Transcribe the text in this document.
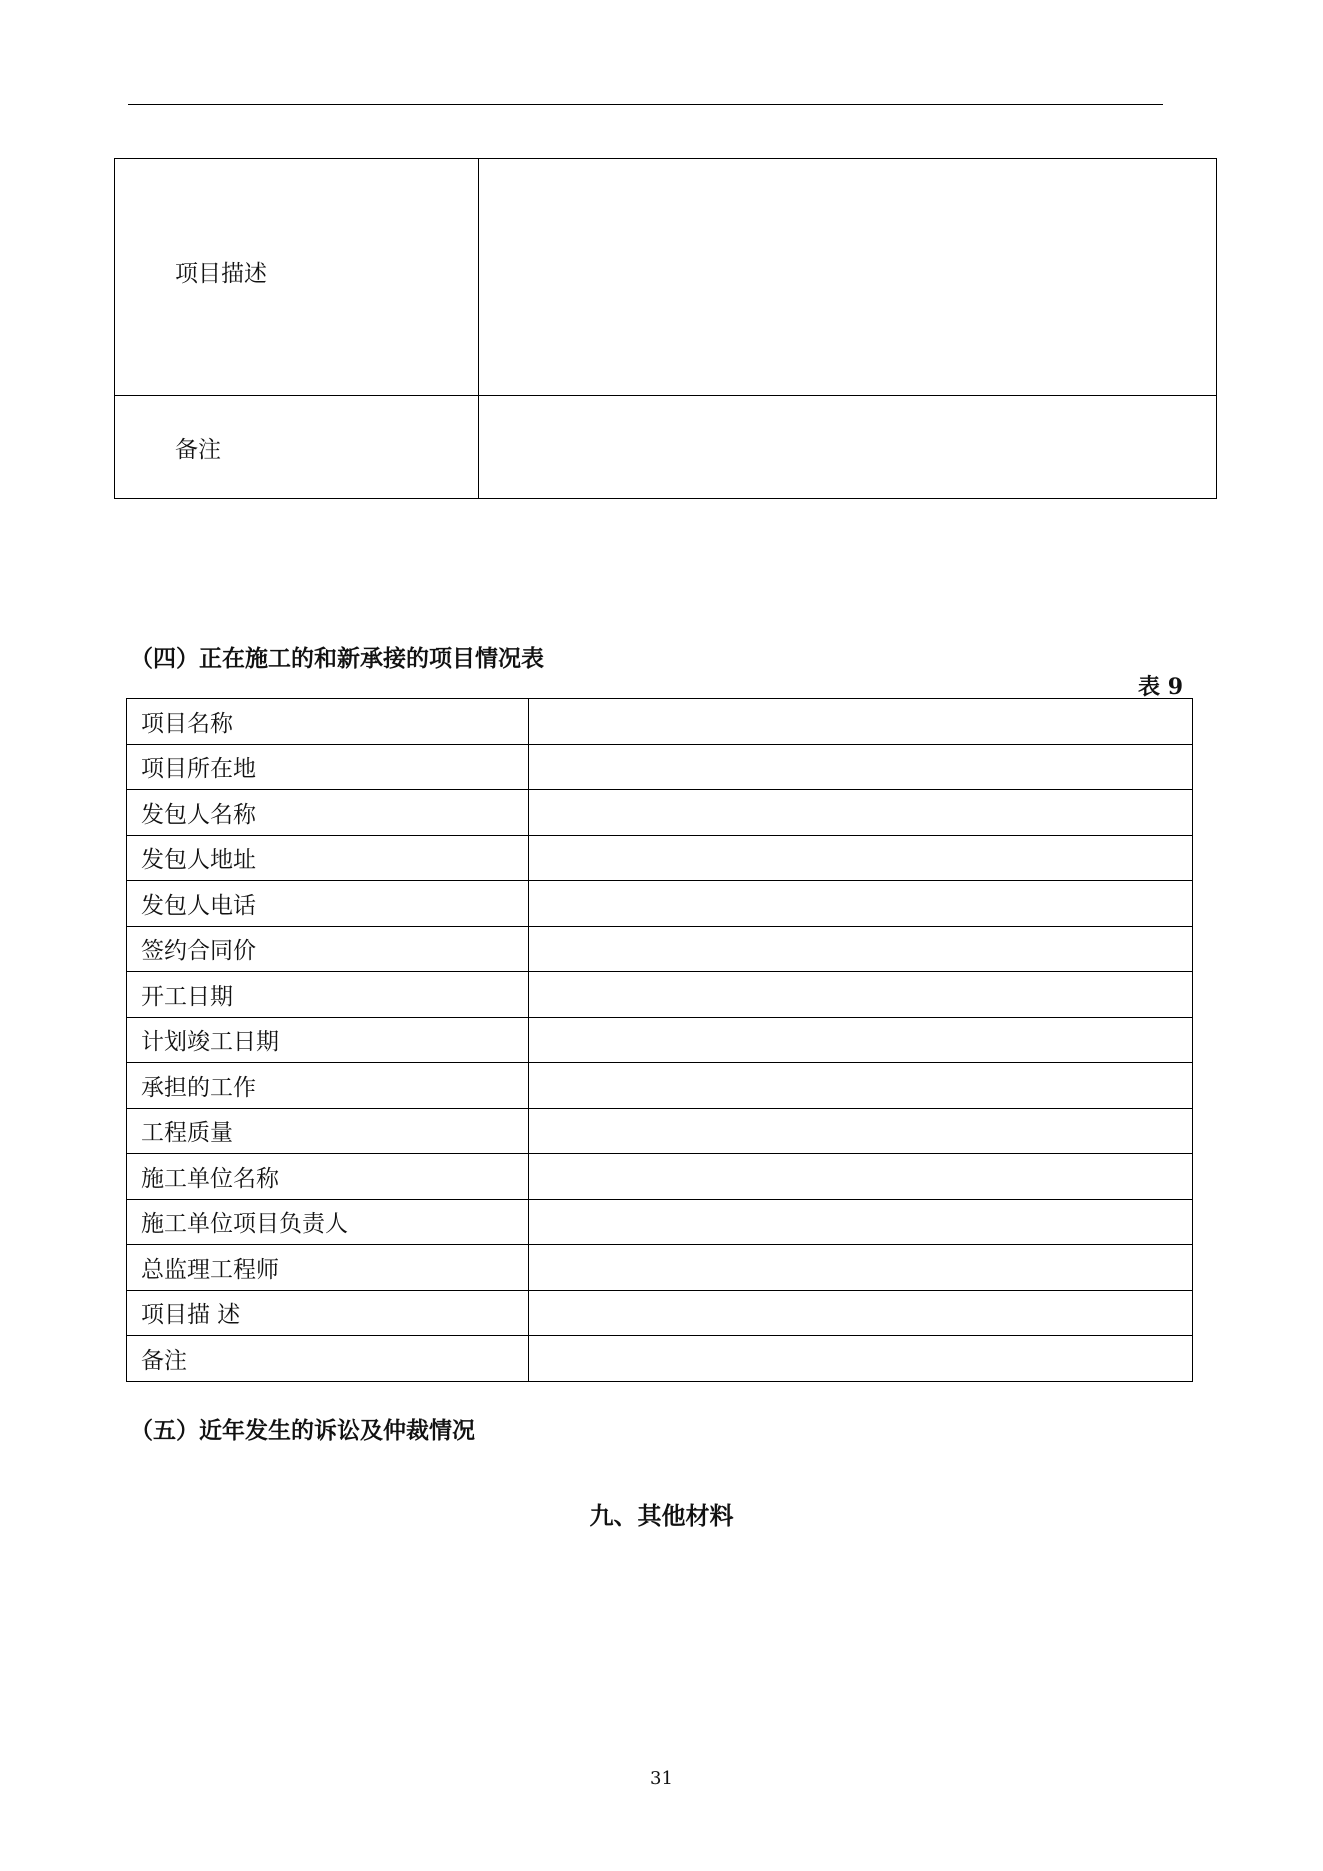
项目描述	
备注	
（四）正在施工的和新承接的项目情况表
表 9
项目名称	
项目所在地	
发包人名称	
发包人地址	
发包人电话	
签约合同价	
开工日期	
计划竣工日期	
承担的工作	
工程质量	
施工单位名称	
施工单位项目负责人	
总监理工程师	
项目描 述	
备注	
（五）近年发生的诉讼及仲裁情况
九、其他材料
31
